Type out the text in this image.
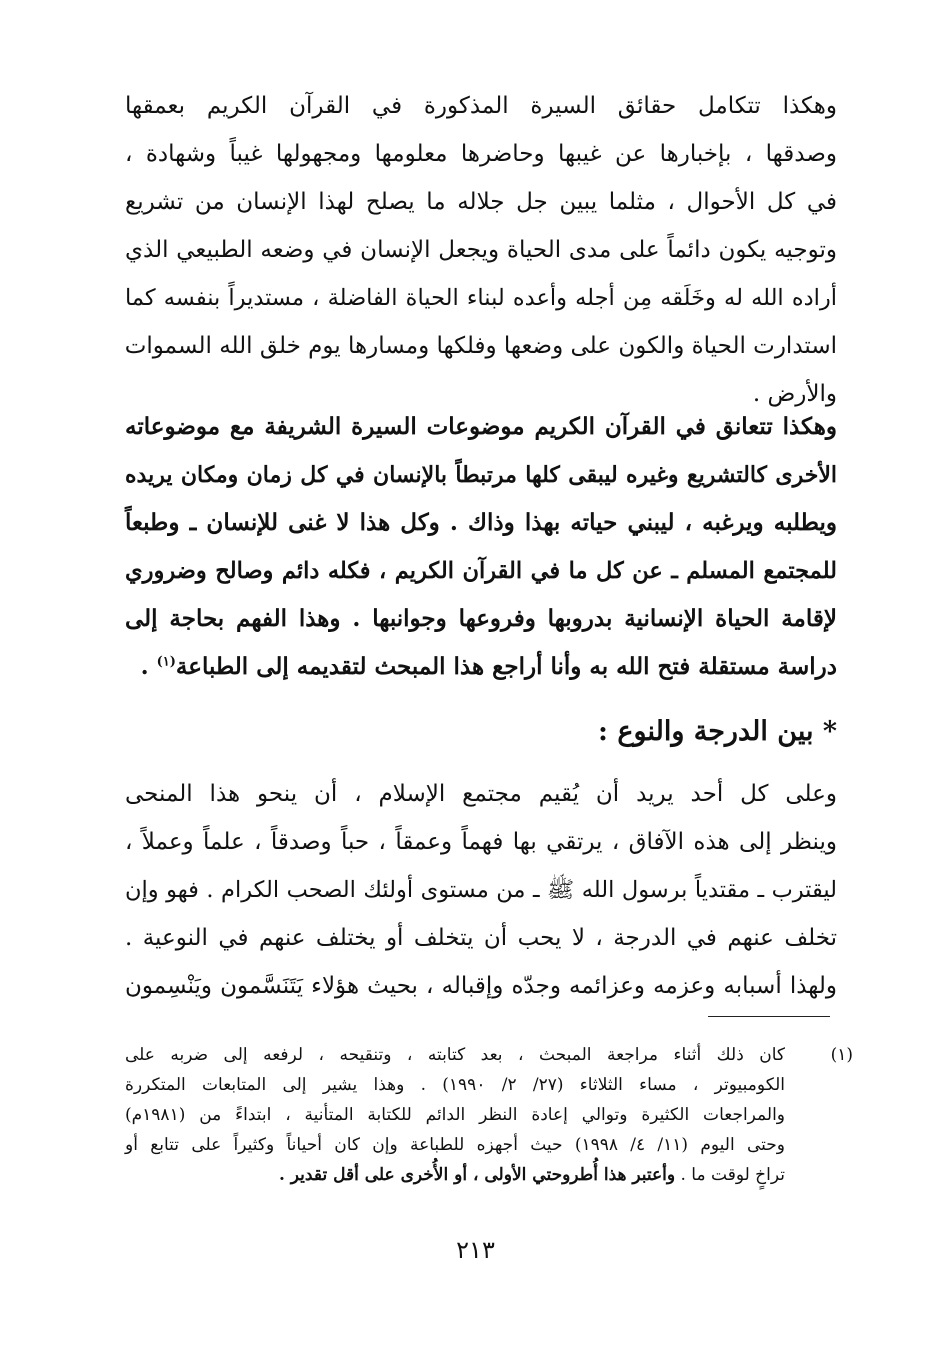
وهكذا تتكامل حقائق السيرة المذكورة في القرآن الكريم بعمقها
وصدقها ، بإخبارها عن غيبها وحاضرها معلومها ومجهولها غيباً وشهادة ،
في كل الأحوال ، مثلما يبين جل جلاله ما يصلح لهذا الإنسان من تشريع
وتوجيه يكون دائماً على مدى الحياة ويجعل الإنسان في وضعه الطبيعي الذي
أراده الله له وخَلَقه مِن أجله وأعده لبناء الحياة الفاضلة ، مستديراً بنفسه كما
استدارت الحياة والكون على وضعها وفلكها ومسارها يوم خلق الله السموات
والأرض .
وهكذا تتعانق في القرآن الكريم موضوعات السيرة الشريفة مع موضوعاته
الأخرى كالتشريع وغيره ليبقى كلها مرتبطاً بالإنسان في كل زمان ومكان يريده
ويطلبه ويرغبه ، ليبني حياته بهذا وذاك . وكل هذا لا غنى للإنسان ـ وطبعاً
للمجتمع المسلم ـ عن كل ما في القرآن الكريم ، فكله دائم وصالح وضروري
لإقامة الحياة الإنسانية بدروبها وفروعها وجوانبها . وهذا الفهم بحاجة إلى
دراسة مستقلة فتح الله به وأنا أراجع هذا المبحث لتقديمه إلى الطباعة$^{(١)}$ .
* بين الدرجة والنوع :
وعلى كل أحد يريد أن يُقيم مجتمع الإسلام ، أن ينحو هذا المنحى
وينظر إلى هذه الآفاق ، يرتقي بها فهماً وعمقاً ، حباً وصدقاً ، علماً وعملاً ،
ليقترب ـ مقتدياً برسول الله ﷺ ـ من مستوى أولئك الصحب الكرام . فهو وإن
تخلف عنهم في الدرجة ، لا يحب أن يتخلف أو يختلف عنهم في النوعية .
ولهذا أسبابه وعزمه وعزائمه وجدّه وإقباله ، بحيث هؤلاء يَتَنَسَّمون ويَنْسِمون
(١)
كان ذلك أثناء مراجعة المبحث ، بعد كتابته ، وتنقيحه ، لرفعه إلى ضربه على
الكومبيوتر ، مساء الثلاثاء (٢٧/ ٢/ ١٩٩٠) . وهذا يشير إلى المتابعات المتكررة
والمراجعات الكثيرة وتوالي إعادة النظر الدائم للكتابة المتأنية ، ابتداءً من (١٩٨١م)
وحتى اليوم (١١/ ٤/ ١٩٩٨) حيث أجهزه للطباعة وإن كان أحياناً وكثيراً على تتابع أو
تراخٍ لوقت ما . وأعتبر هذا أُطروحتي الأولى ، أو الأُخرى على أقل تقدير .
٢١٣
